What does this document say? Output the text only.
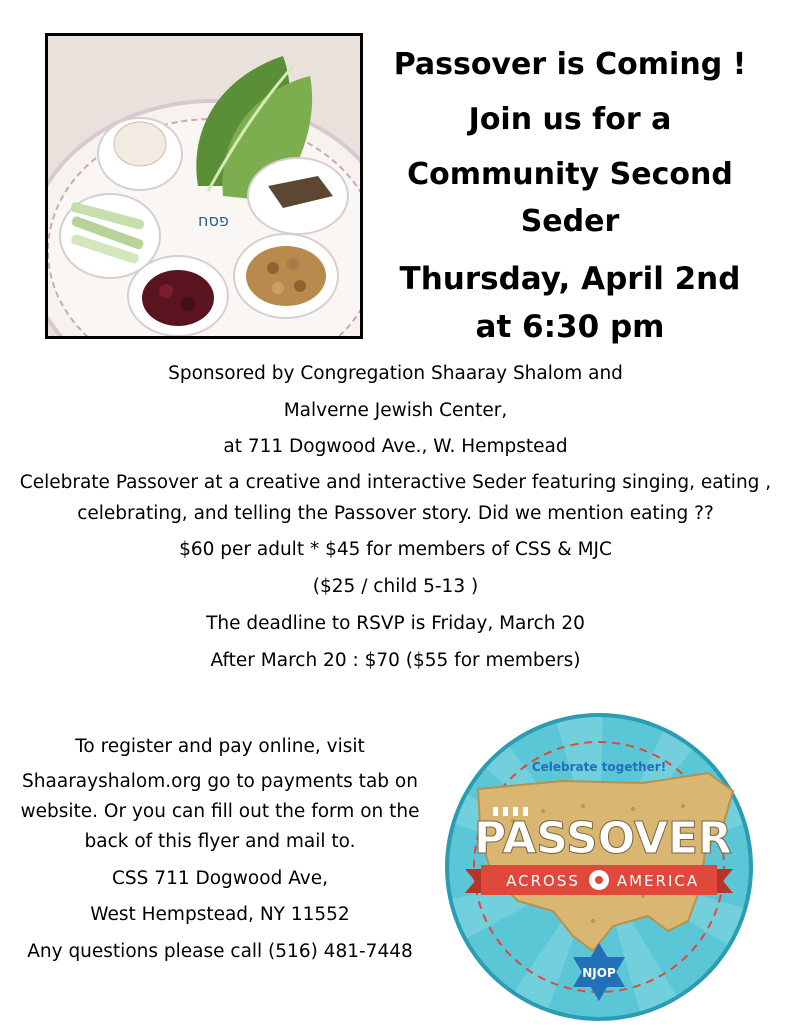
פסח
Passover is Coming !
Join us for a
Community Second
Seder
Thursday, April 2nd
at 6:30 pm
Sponsored by Congregation Shaaray Shalom and
Malverne Jewish Center,
at 711 Dogwood Ave., W. Hempstead
Celebrate Passover at a creative and interactive Seder featuring singing, eating ,
celebrating, and telling the Passover story. Did we mention eating ??
$60 per adult * $45 for members of CSS & MJC
($25 / child 5-13 )
The deadline to RSVP is Friday, March 20
After March 20 : $70 ($55 for members)
To register and pay online, visit
Shaarayshalom.org go to payments tab on
website. Or you can fill out the form on the
back of this flyer and mail to.
CSS 711 Dogwood Ave,
West Hempstead, NY 11552
Any questions please call (516) 481-7448
Celebrate together!
PASSOVER
ACROSS AMERICA
NJOP
